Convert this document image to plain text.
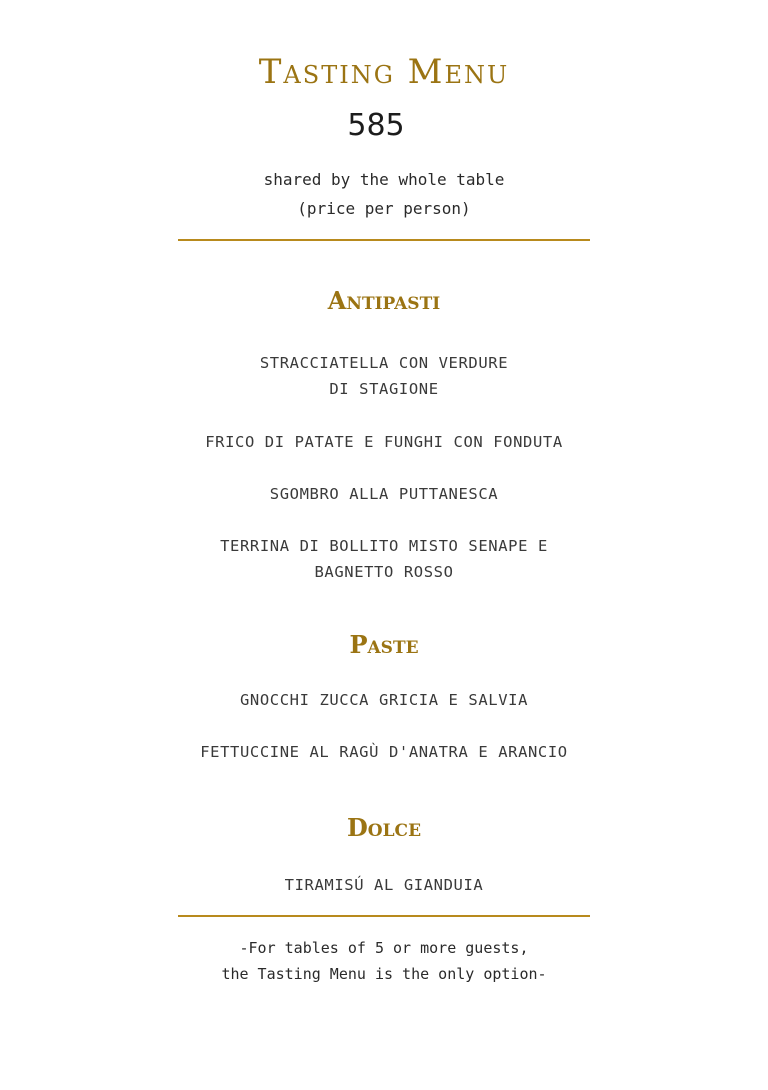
Tasting Menu
585
shared by the whole table
(price per person)
Antipasti
STRACCIATELLA CON VERDURE
DI STAGIONE
FRICO DI PATATE E FUNGHI CON FONDUTA
SGOMBRO ALLA PUTTANESCA
TERRINA DI BOLLITO MISTO SENAPE E
BAGNETTO ROSSO
Paste
GNOCCHI ZUCCA GRICIA E SALVIA
FETTUCCINE AL RAGÙ D'ANATRA E ARANCIO
Dolce
TIRAMISÚ AL GIANDUIA
-For tables of 5 or more guests,
the Tasting Menu is the only option-
